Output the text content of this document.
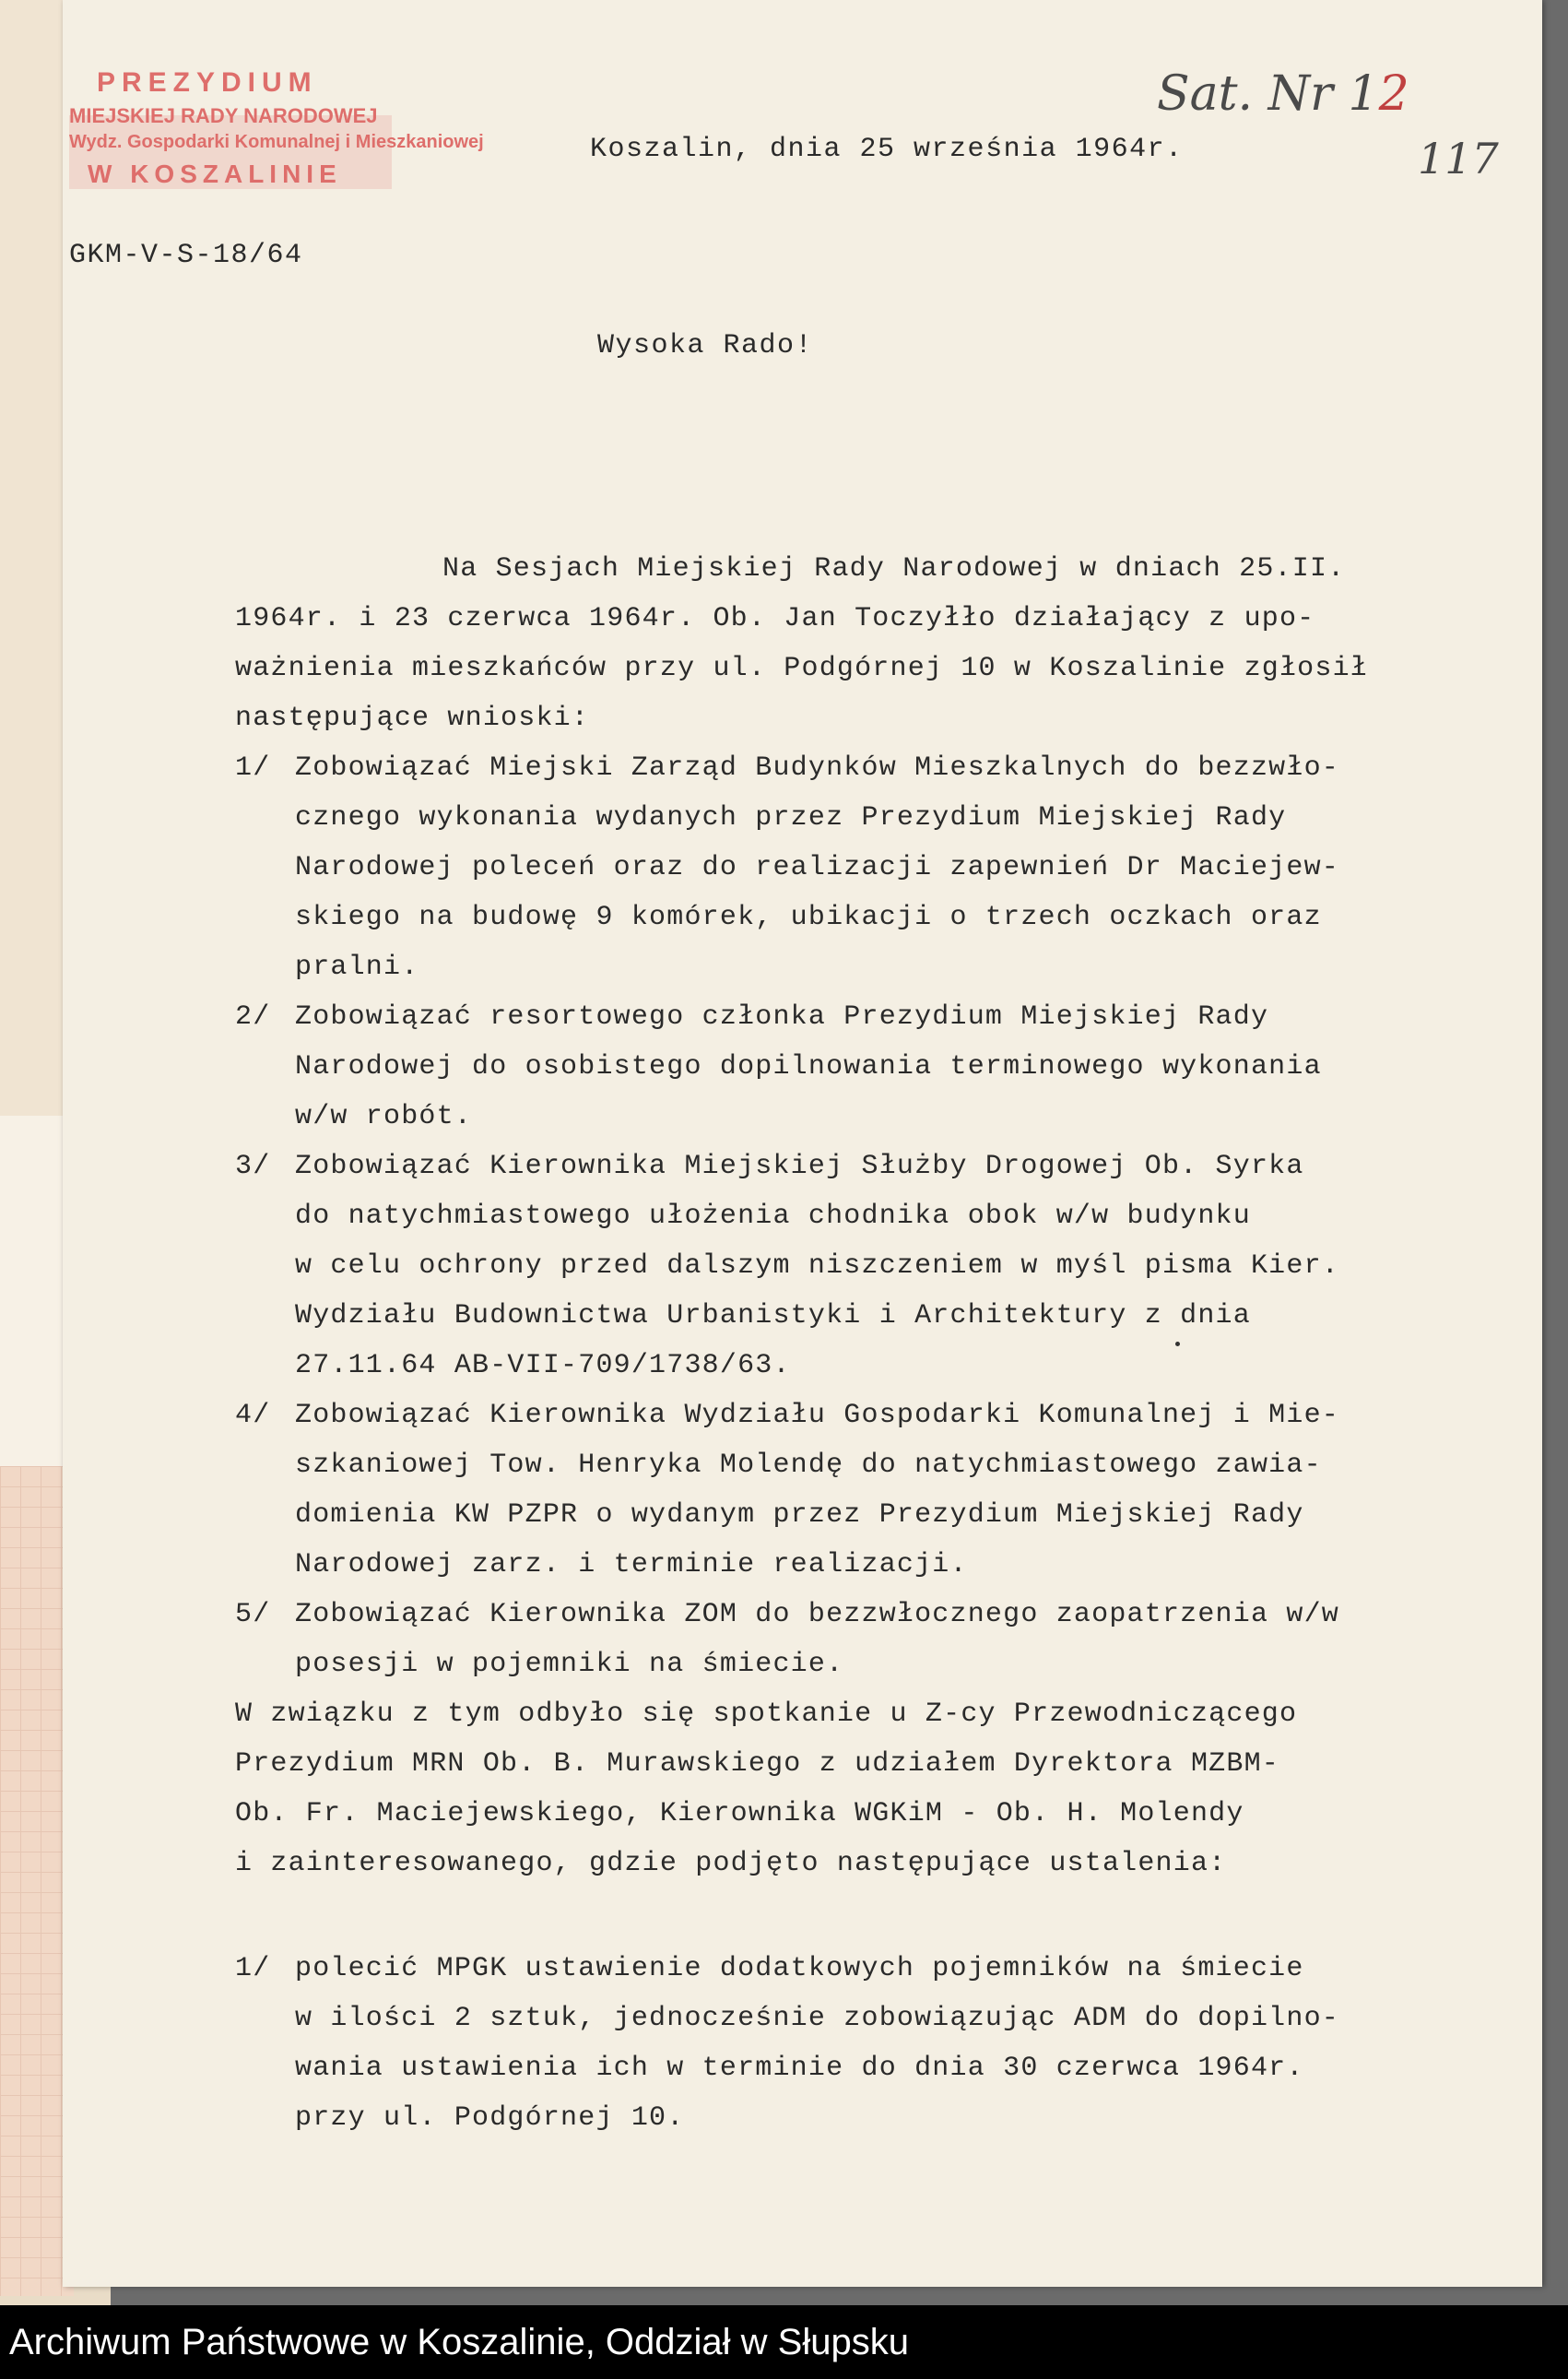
PREZYDIUM
MIEJSKIEJ RADY NARODOWEJ
Wydz. Gospodarki Komunalnej i Mieszkaniowej
W KOSZALINIE
Sat. Nr 12
117
Koszalin, dnia 25 września 1964r.
GKM-V-S-18/64
Wysoka Rado!
Na Sesjach Miejskiej Rady Narodowej w dniach 25.II.
1964r. i 23 czerwca 1964r. Ob. Jan Toczyłło działający z upo-
ważnienia mieszkańców przy ul. Podgórnej 10 w Koszalinie zgłosił
następujące wnioski:
1/ Zobowiązać Miejski Zarząd Budynków Mieszkalnych do bezzwło-
cznego wykonania wydanych przez Prezydium Miejskiej Rady
Narodowej poleceń oraz do realizacji zapewnień Dr Maciejew-
skiego na budowę 9 komórek, ubikacji o trzech oczkach oraz
pralni.
2/ Zobowiązać resortowego członka Prezydium Miejskiej Rady
Narodowej do osobistego dopilnowania terminowego wykonania
w/w robót.
3/ Zobowiązać Kierownika Miejskiej Służby Drogowej Ob. Syrka
do natychmiastowego ułożenia chodnika obok w/w budynku
w celu ochrony przed dalszym niszczeniem w myśl pisma Kier.
Wydziału Budownictwa Urbanistyki i Architektury z dnia
27.11.64 AB-VII-709/1738/63.
4/ Zobowiązać Kierownika Wydziału Gospodarki Komunalnej i Mie-
szkaniowej Tow. Henryka Molendę do natychmiastowego zawia-
domienia KW PZPR o wydanym przez Prezydium Miejskiej Rady
Narodowej zarz. i terminie realizacji.
5/ Zobowiązać Kierownika ZOM do bezzwłocznego zaopatrzenia w/w
posesji w pojemniki na śmiecie.
W związku z tym odbyło się spotkanie u Z-cy Przewodniczącego
Prezydium MRN Ob. B. Murawskiego z udziałem Dyrektora MZBM-
Ob. Fr. Maciejewskiego, Kierownika WGKiM - Ob. H. Molendy
i zainteresowanego, gdzie podjęto następujące ustalenia:
1/ polecić MPGK ustawienie dodatkowych pojemników na śmiecie
w ilości 2 sztuk, jednocześnie zobowiązując ADM do dopilno-
wania ustawienia ich w terminie do dnia 30 czerwca 1964r.
przy ul. Podgórnej 10.
Archiwum Państwowe w Koszalinie, Oddział w Słupsku
